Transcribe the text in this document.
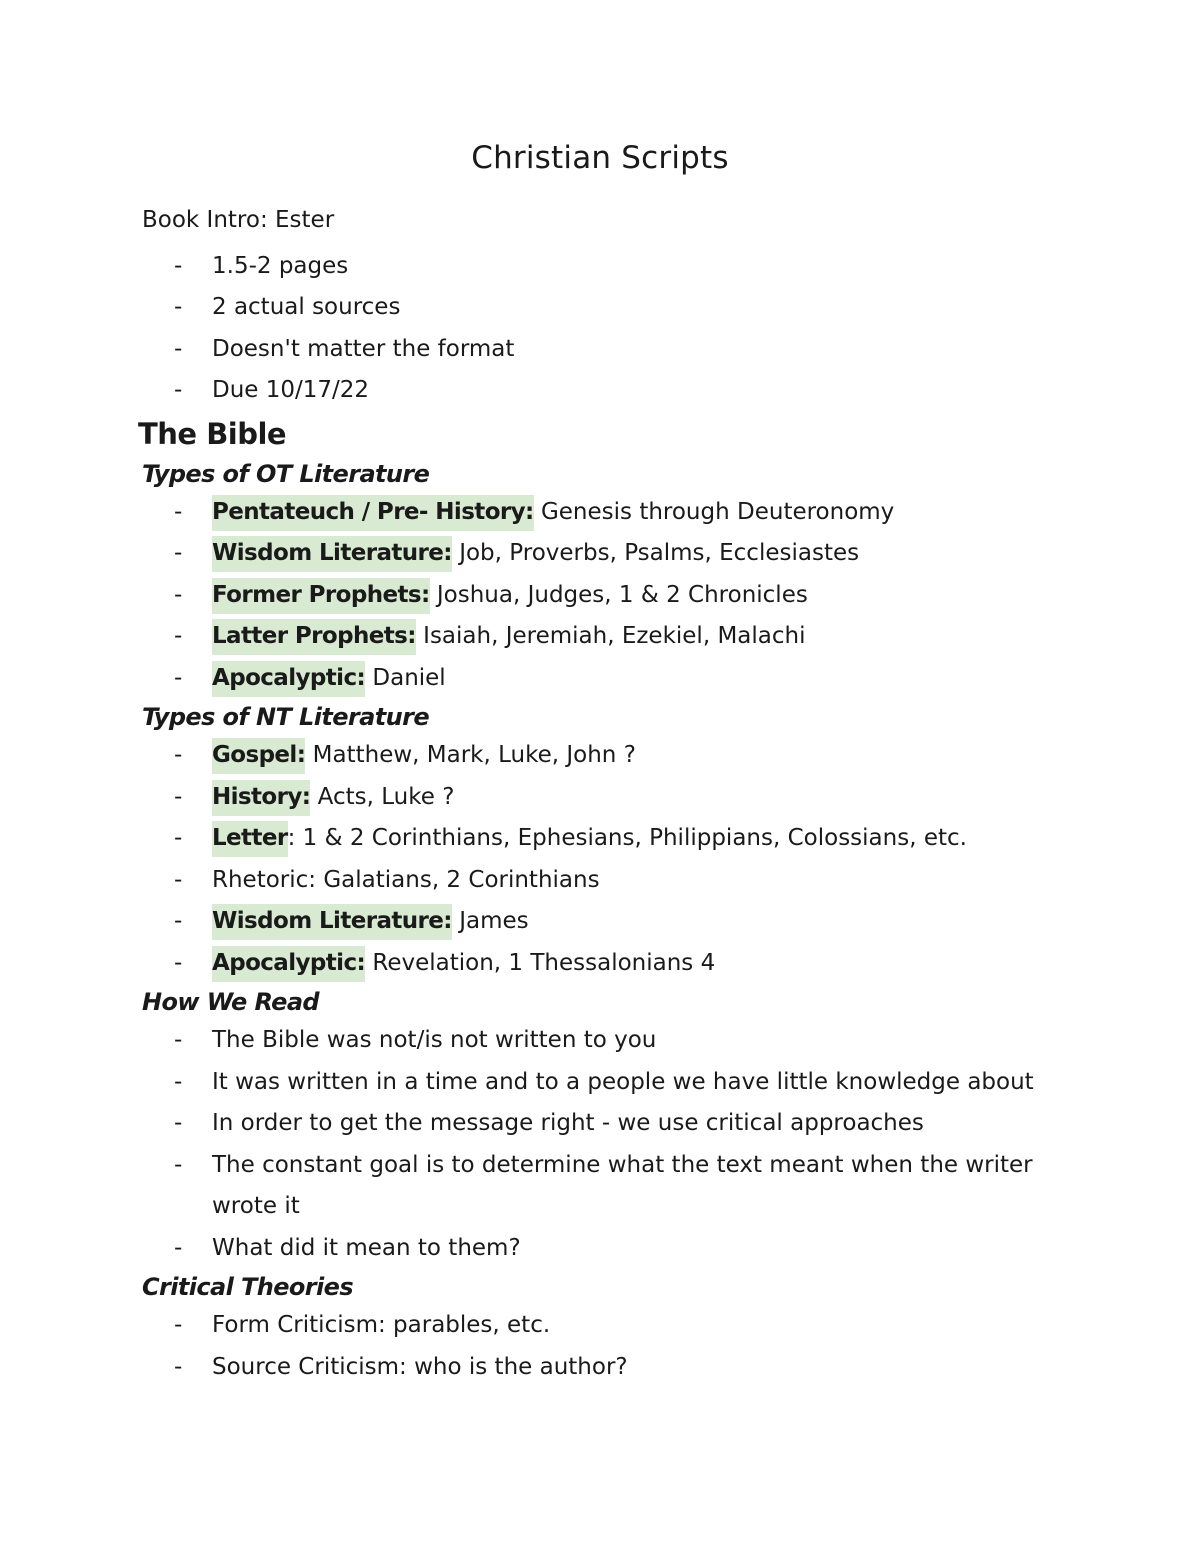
Christian Scripts

Book Intro: Ester

- 1.5-2 pages
- 2 actual sources
- Doesn't matter the format
- Due 10/17/22
The Bible
Types of OT Literature
- Pentateuch / Pre- History: Genesis through Deuteronomy
- Wisdom Literature: Job, Proverbs, Psalms, Ecclesiastes
- Former Prophets: Joshua, Judges, 1 & 2 Chronicles
- Latter Prophets: Isaiah, Jeremiah, Ezekiel, Malachi
- Apocalyptic: Daniel
Types of NT Literature
- Gospel: Matthew, Mark, Luke, John ?
- History: Acts, Luke ?
- Letter: 1 & 2 Corinthians, Ephesians, Philippians, Colossians, etc.
- Rhetoric: Galatians, 2 Corinthians
- Wisdom Literature: James
- Apocalyptic: Revelation, 1 Thessalonians 4
How We Read
- The Bible was not/is not written to you
- It was written in a time and to a people we have little knowledge about
- In order to get the message right - we use critical approaches
- The constant goal is to determine what the text meant when the writer wrote it
- What did it mean to them?
Critical Theories
- Form Criticism: parables, etc.
- Source Criticism: who is the author?
